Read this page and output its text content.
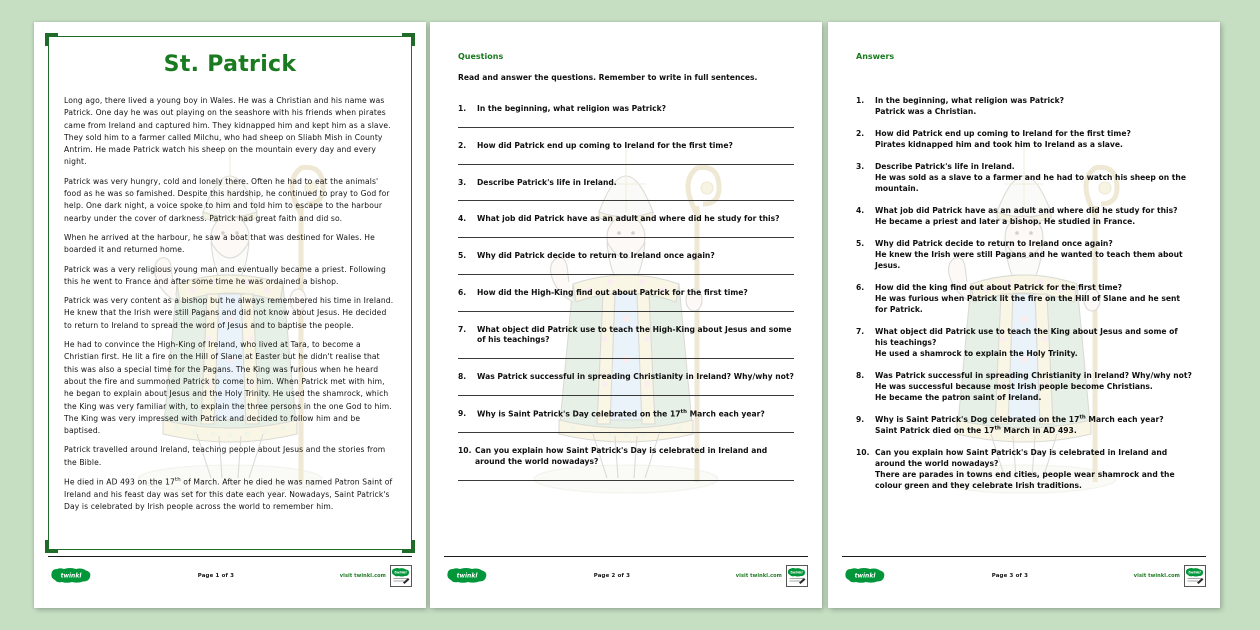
St. Patrick

Long ago, there lived a young boy in Wales. He was a Christian and his name was Patrick. One day he was out playing on the seashore with his friends when pirates came from Ireland and captured him. They kidnapped him and kept him as a slave. They sold him to a farmer called Milchu, who had sheep on Sliabh Mish in County Antrim. He made Patrick watch his sheep on the mountain every day and every night.

Patrick was very hungry, cold and lonely there. Often he had to eat the animals' food as he was so famished. Despite this hardship, he continued to pray to God for help. One dark night, a voice spoke to him and told him to escape to the harbour nearby under the cover of darkness. Patrick had great faith and did so.

When he arrived at the harbour, he saw a boat that was destined for Wales. He boarded it and returned home.

Patrick was a very religious young man and eventually became a priest. Following this he went to France and after some time he was ordained a bishop.

Patrick was very content as a bishop but he always remembered his time in Ireland. He knew that the Irish were still Pagans and did not know about Jesus. He decided to return to Ireland to spread the word of Jesus and to baptise the people.

He had to convince the High-King of Ireland, who lived at Tara, to become a Christian first. He lit a fire on the Hill of Slane at Easter but he didn't realise that this was also a special time for the Pagans. The King was furious when he heard about the fire and summoned Patrick to come to him. When Patrick met with him, he began to explain about Jesus and the Holy Trinity. He used the shamrock, which the King was very familiar with, to explain the three persons in the one God to him. The King was very impressed with Patrick and decided to follow him and be baptised.

Patrick travelled around Ireland, teaching people about Jesus and the stories from the Bible.

He died in AD 493 on the 17th of March. After he died he was named Patron Saint of Ireland and his feast day was set for this date each year. Nowadays, Saint Patrick's Day is celebrated by Irish people across the world to remember him.

twinkl	Page 1 of 3	visit twinkl.com
twinkl
Questions
Read and answer the questions. Remember to write in full sentences.
1.	In the beginning, what religion was Patrick?
2.	How did Patrick end up coming to Ireland for the first time?
3.	Describe Patrick's life in Ireland.
4.	What job did Patrick have as an adult and where did he study for this?
5.	Why did Patrick decide to return to Ireland once again?
6.	How did the High-King find out about Patrick for the first time?
7.	What object did Patrick use to teach the High-King about Jesus and some of his teachings?
8.	Was Patrick successful in spreading Christianity in Ireland? Why/why not?
9.	Why is Saint Patrick's Day celebrated on the 17th March each year?
10. Can you explain how Saint Patrick's Day is celebrated in Ireland and around the world nowadays?
twinkl	Page 2 of 3	visit twinkl.com
twinkl
Answers
1.	In the beginning, what religion was Patrick?
Patrick was a Christian.
2.	How did Patrick end up coming to Ireland for the first time?
Pirates kidnapped him and took him to Ireland as a slave.
3.	Describe Patrick's life in Ireland.
He was sold as a slave to a farmer and he had to watch his sheep on the mountain.
4.	What job did Patrick have as an adult and where did he study for this?
He became a priest and later a bishop. He studied in France.
5.	Why did Patrick decide to return to Ireland once again?
He knew the Irish were still Pagans and he wanted to teach them about Jesus.
6.	How did the king find out about Patrick for the first time?
He was furious when Patrick lit the fire on the Hill of Slane and he sent for Patrick.
7.	What object did Patrick use to teach the King about Jesus and some of his teachings?
He used a shamrock to explain the Holy Trinity.
8.	Was Patrick successful in spreading Christianity in Ireland? Why/why not?
He was successful because most Irish people become Christians.
He became the patron saint of Ireland.
9.	Why is Saint Patrick's Dog celebrated on the 17th March each year?
Saint Patrick died on the 17th March in AD 493.
10. Can you explain how Saint Patrick's Day is celebrated in Ireland and around the world nowadays?
There are parades in towns end cities, people wear shamrock and the colour green and they celebrate Irish traditions.
twinkl	Page 3 of 3	visit twinkl.com
twinkl
